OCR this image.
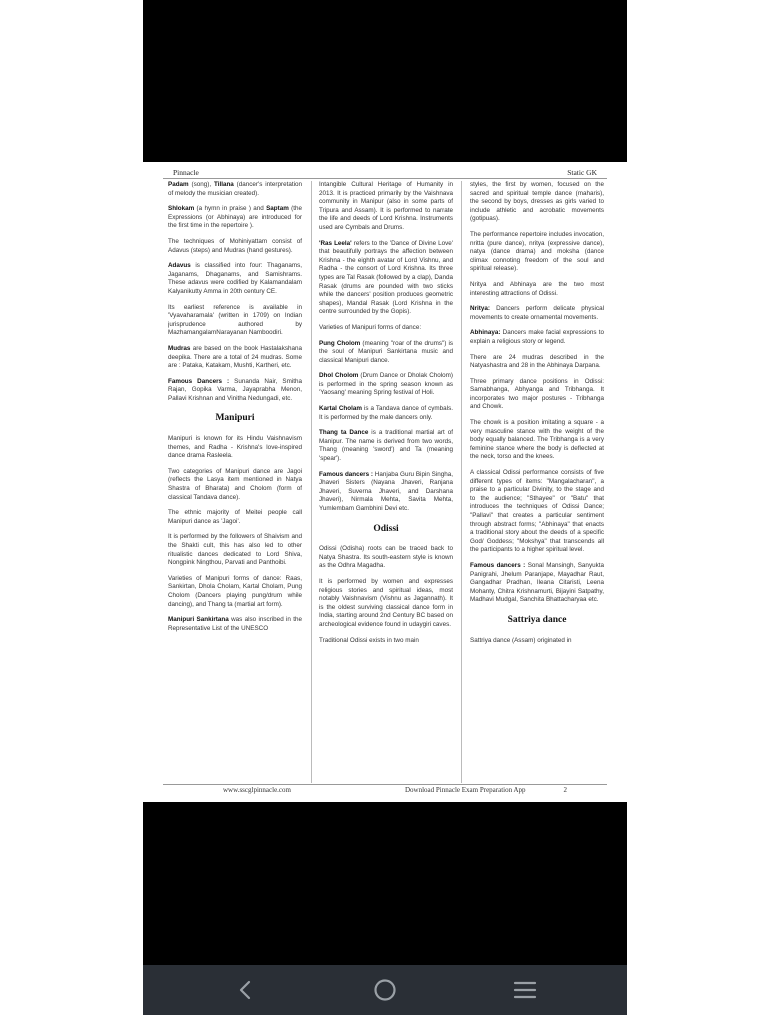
Pinnacle	Static GK

Padam (song), Tillana (dancer's interpretation of melody the musician created).

Shlokam (a hymn in praise ) and Saptam (the Expressions (or Abhinaya) are introduced for the first time in the repertoire ).

The techniques of Mohiniyattam consist of Adavus (steps) and Mudras (hand gestures).

Adavus is classified into four: Thaganams, Jaganams, Dhaganams, and Samishrams. These adavus were codified by Kalamandalam Kalyanikutty Amma in 20th century CE.

Its earliest reference is available in 'Vyavaharamala' (written in 1709) on Indian jurisprudence authored by MazhamangalamNarayanan Namboodiri.

Mudras are based on the book Hastalakshana deepika. There are a total of 24 mudras. Some are : Pataka, Katakam, Mushti, Kartheri, etc.

Famous Dancers : Sunanda Nair, Smitha Rajan, Gopika Varma, Jayaprabha Menon, Pallavi Krishnan and Vinitha Nedungadi, etc.

Manipuri

Manipuri is known for its Hindu Vaishnavism themes, and Radha - Krishna's love-inspired dance drama Rasleela.

Two categories of Manipuri dance are Jagoi (reflects the Lasya item mentioned in Natya Shastra of Bharata) and Cholom (form of classical Tandava dance).

The ethnic majority of Meitei people call Manipuri dance as 'Jagoi'.

It is performed by the followers of Shaivism and the Shakti cult, this has also led to other ritualistic dances dedicated to Lord Shiva, Nongpink Ningthou, Parvati and Panthoibi.

Varieties of Manipuri forms of dance: Raas, Sankirtan, Dhola Cholam, Kartal Cholam, Pung Cholom (Dancers playing pung/drum while dancing), and Thang ta (martial art form).

Manipuri Sankirtana was also inscribed in the Representative List of the UNESCO

Intangible Cultural Heritage of Humanity in 2013. It is practiced primarily by the Vaishnava community in Manipur (also in some parts of Tripura and Assam). It is performed to narrate the life and deeds of Lord Krishna. Instruments used are Cymbals and Drums.

'Ras Leela' refers to the 'Dance of Divine Love' that beautifully portrays the affection between Krishna - the eighth avatar of Lord Vishnu, and Radha - the consort of Lord Krishna. Its three types are Tal Rasak (followed by a clap), Danda Rasak (drums are pounded with two sticks while the dancers' position produces geometric shapes), Mandal Rasak (Lord Krishna in the centre surrounded by the Gopis).

Varieties of Manipuri forms of dance:

Pung Cholom (meaning "roar of the drums") is the soul of Manipuri Sankirtana music and classical Manipuri dance.

Dhol Cholom (Drum Dance or Dholak Cholom) is performed in the spring season known as 'Yaosang' meaning Spring festival of Holi.

Kartal Cholam is a Tandava dance of cymbals. It is performed by the male dancers only.

Thang ta Dance is a traditional martial art of Manipur. The name is derived from two words, Thang (meaning 'sword') and Ta (meaning 'spear').

Famous dancers : Hanjaba Guru Bipin Singha, Jhaveri Sisters (Nayana Jhaveri, Ranjana Jhaveri, Suverna Jhaveri, and Darshana Jhaveri), Nirmala Mehta, Savita Mehta, Yumlembam Gambhini Devi etc.

Odissi

Odissi (Odisha) roots can be traced back to Natya Shastra. Its south-eastern style is known as the Odhra Magadha.

It is performed by women and expresses religious stories and spiritual ideas, most notably Vaishnavism (Vishnu as Jagannath). It is the oldest surviving classical dance form in India, starting around 2nd Century BC based on archeological evidence found in udaygiri caves.

Traditional Odissi exists in two main

styles, the first by women, focused on the sacred and spiritual temple dance (maharis), the second by boys, dresses as girls varied to include athletic and acrobatic movements (gotipuas).

The performance repertoire includes invocation, nritta (pure dance), nritya (expressive dance), natya (dance drama) and moksha (dance climax connoting freedom of the soul and spiritual release).

Nritya and Abhinaya are the two most interesting attractions of Odissi.

Nritya: Dancers perform delicate physical movements to create ornamental movements.

Abhinaya: Dancers make facial expressions to explain a religious story or legend.

There are 24 mudras described in the Natyashastra and 28 in the Abhinaya Darpana.

Three primary dance positions in Odissi: Samabhanga, Abhyanga and Tribhanga. It incorporates two major postures - Tribhanga and Chowk.

The chowk is a position imitating a square - a very masculine stance with the weight of the body equally balanced. The Tribhanga is a very feminine stance where the body is deflected at the neck, torso and the knees.

A classical Odissi performance consists of five different types of items: "Mangalacharan", a praise to a particular Divinity, to the stage and to the audience; "Sthayee" or "Batu" that introduces the techniques of Odissi Dance; "Pallavi" that creates a particular sentiment through abstract forms; "Abhinaya" that enacts a traditional story about the deeds of a specific God/ Goddess; "Mokshya" that transcends all the participants to a higher spiritual level.

Famous dancers : Sonal Mansingh, Sanyukta Panigrahi, Jhelum Paranjape, Mayadhar Raut, Gangadhar Pradhan, Ileana Citaristi, Leena Mohanty, Chitra Krishnamurti, Bijayini Satpathy, Madhavi Mudgal, Sanchita Bhattacharyaa etc.

Sattriya dance

Sattriya dance (Assam) originated in

www.sscglpinnacle.com	Download Pinnacle Exam Preparation App	2
